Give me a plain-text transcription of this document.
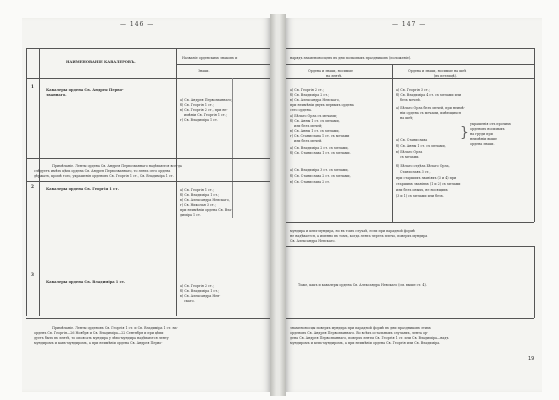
— 146 —
НАИМЕНОВАНІЕ КАВАЛЕРОВЪ.
Названіе орденскихъ знаковъ и
Знаки.
1
Кавалеры ордена Св. Андрея Перво-
званнаго.
а) Св. Андрея Первозваннаго;
б) Св. Георгія 1 ст.;
в) Св. Георгія 2 ст., при не-
имѣніи Св. Георгія 1 ст.;
г) Св. Владиміра 1 ст.
Примѣчаніе. Ленты ордена Св. Андрея Первозваннаго надѣваются всегда
слѣдуетъ имѣть цѣпь ордена Св. Андрея Первозваннаго, то лента сего ордена
дѣржатъ, кромѣ того, украшенія орденовъ Св. Георгія 1 ст., Св. Владиміра 1 ст.
2	Кавалеры ордена Св. Георгія 1 ст.	а) Св. Георгія 1 ст.;
б) Св. Владиміра 1 ст.;
в) Св. Александра Невскаго,
г) Св. Николая 3 ст.;
при неимѣніи ордена Св. Вла-
диміра 1 ст.
3
Кавалеры ордена Св. Владиміра 1 ст.
а) Св. Георгія 2 ст.;
б) Св. Владиміра 1 ст.;
в) Св. Александра Нев-
скаго.
Примѣчаніе. Ленты орденовъ Св. Георгія 1 ст. и Св. Владиміра 1 ст. на-
орденъ Св. Георгія—26 Ноября и Св. Владиміра—22 Сентября и при цѣпи
дуетъ быть въ лентѣ, то опоясать мундира у лѣво-мундира надѣваются ленту
мундиромъ и кавъ-мундиромъ, а при неимѣніи ордена Св. Андрея Перво-
— 147 —
нарядъ знаменоносцевъ въ дни полковыхъ праздниковъ (положеніе).
Ордена и знаки, носимые
на лентѣ.
Ордена и знаки, носимые на шеѣ
(въ петлицѣ).
а) Св. Георгія 2 ст.;
б) Св. Владиміра 2 ст.;
в) Св. Александра Невскаго,
при неимѣніи двухъ первыхъ ордена
сего ордена.
а) Св. Георгія 3 ст.;
б) Св. Владиміра 4 ст. съ мечами или
безъ мечей.
а) Бѣлаго Орла съ мечами;
б) Св. Анны 1 ст. съ мечами,
или безъ мечей;
в) Св. Анны 1 ст. съ мечами,
г) Св. Станислава 1 ст. съ мечами
или безъ мечей.
а) Бѣлаго Орла безъ мечей, при неимѣ-
ніи ордена съ мечами, имѣющихся
на шеѣ;
а) Св. Владиміра 2 ст. съ мечами,
б) Св. Станислава 1 ст. съ мечами.
а) Св. Станислава
б) Св. Анны 1 ст. съ мечами,
в) Бѣлаго Орла
съ мечами.
}
украшенія отъ прочихъ
орденовъ носимыхъ
на груди при
неимѣніи выше
ордена знаки.
а) Св. Владиміра 3 ст. съ мечами,
б) Св. Станислава 2 ст. съ мечами,
в) Св. Станислава 2 ст.
б) Бѣлаго отдѣла Бѣлаго Орла,
Станиславъ 3 ст.,
при старшихъ званіяхъ (3 и 4) при
старшихъ званіяхъ (1 и 2) съ мечами
или безъ оныхъ, не носящихъ
(3 и 1) съ мечами или безъ.
мундира и кепь-мундира, но въ томъ случаѣ, если при парадной формѣ
не надѣвается, а именно въ томъ, когда лента черезъ плечо, поверхъ мундира
Св. Александра Невскаго.
Тоже, какъ и кавалеры ордена Св. Александра Невскаго (см. выше ст. 4).
знаменоносцы поверхъ мундира при парадной формѣ въ дни праздниковъ этихъ
орденовъ Св. Андрея Первозваннаго. Во всѣхъ остальныхъ случаяхъ, лента ор-
дена Св. Андрея Первозваннаго, поверхъ ленты Св. Георгія 1 ст. или Св. Владиміра—надъ
мундиромъ и кепь-мундиромъ, а при неимѣніи ордена Св. Георгія или Св. Владиміра.
19
